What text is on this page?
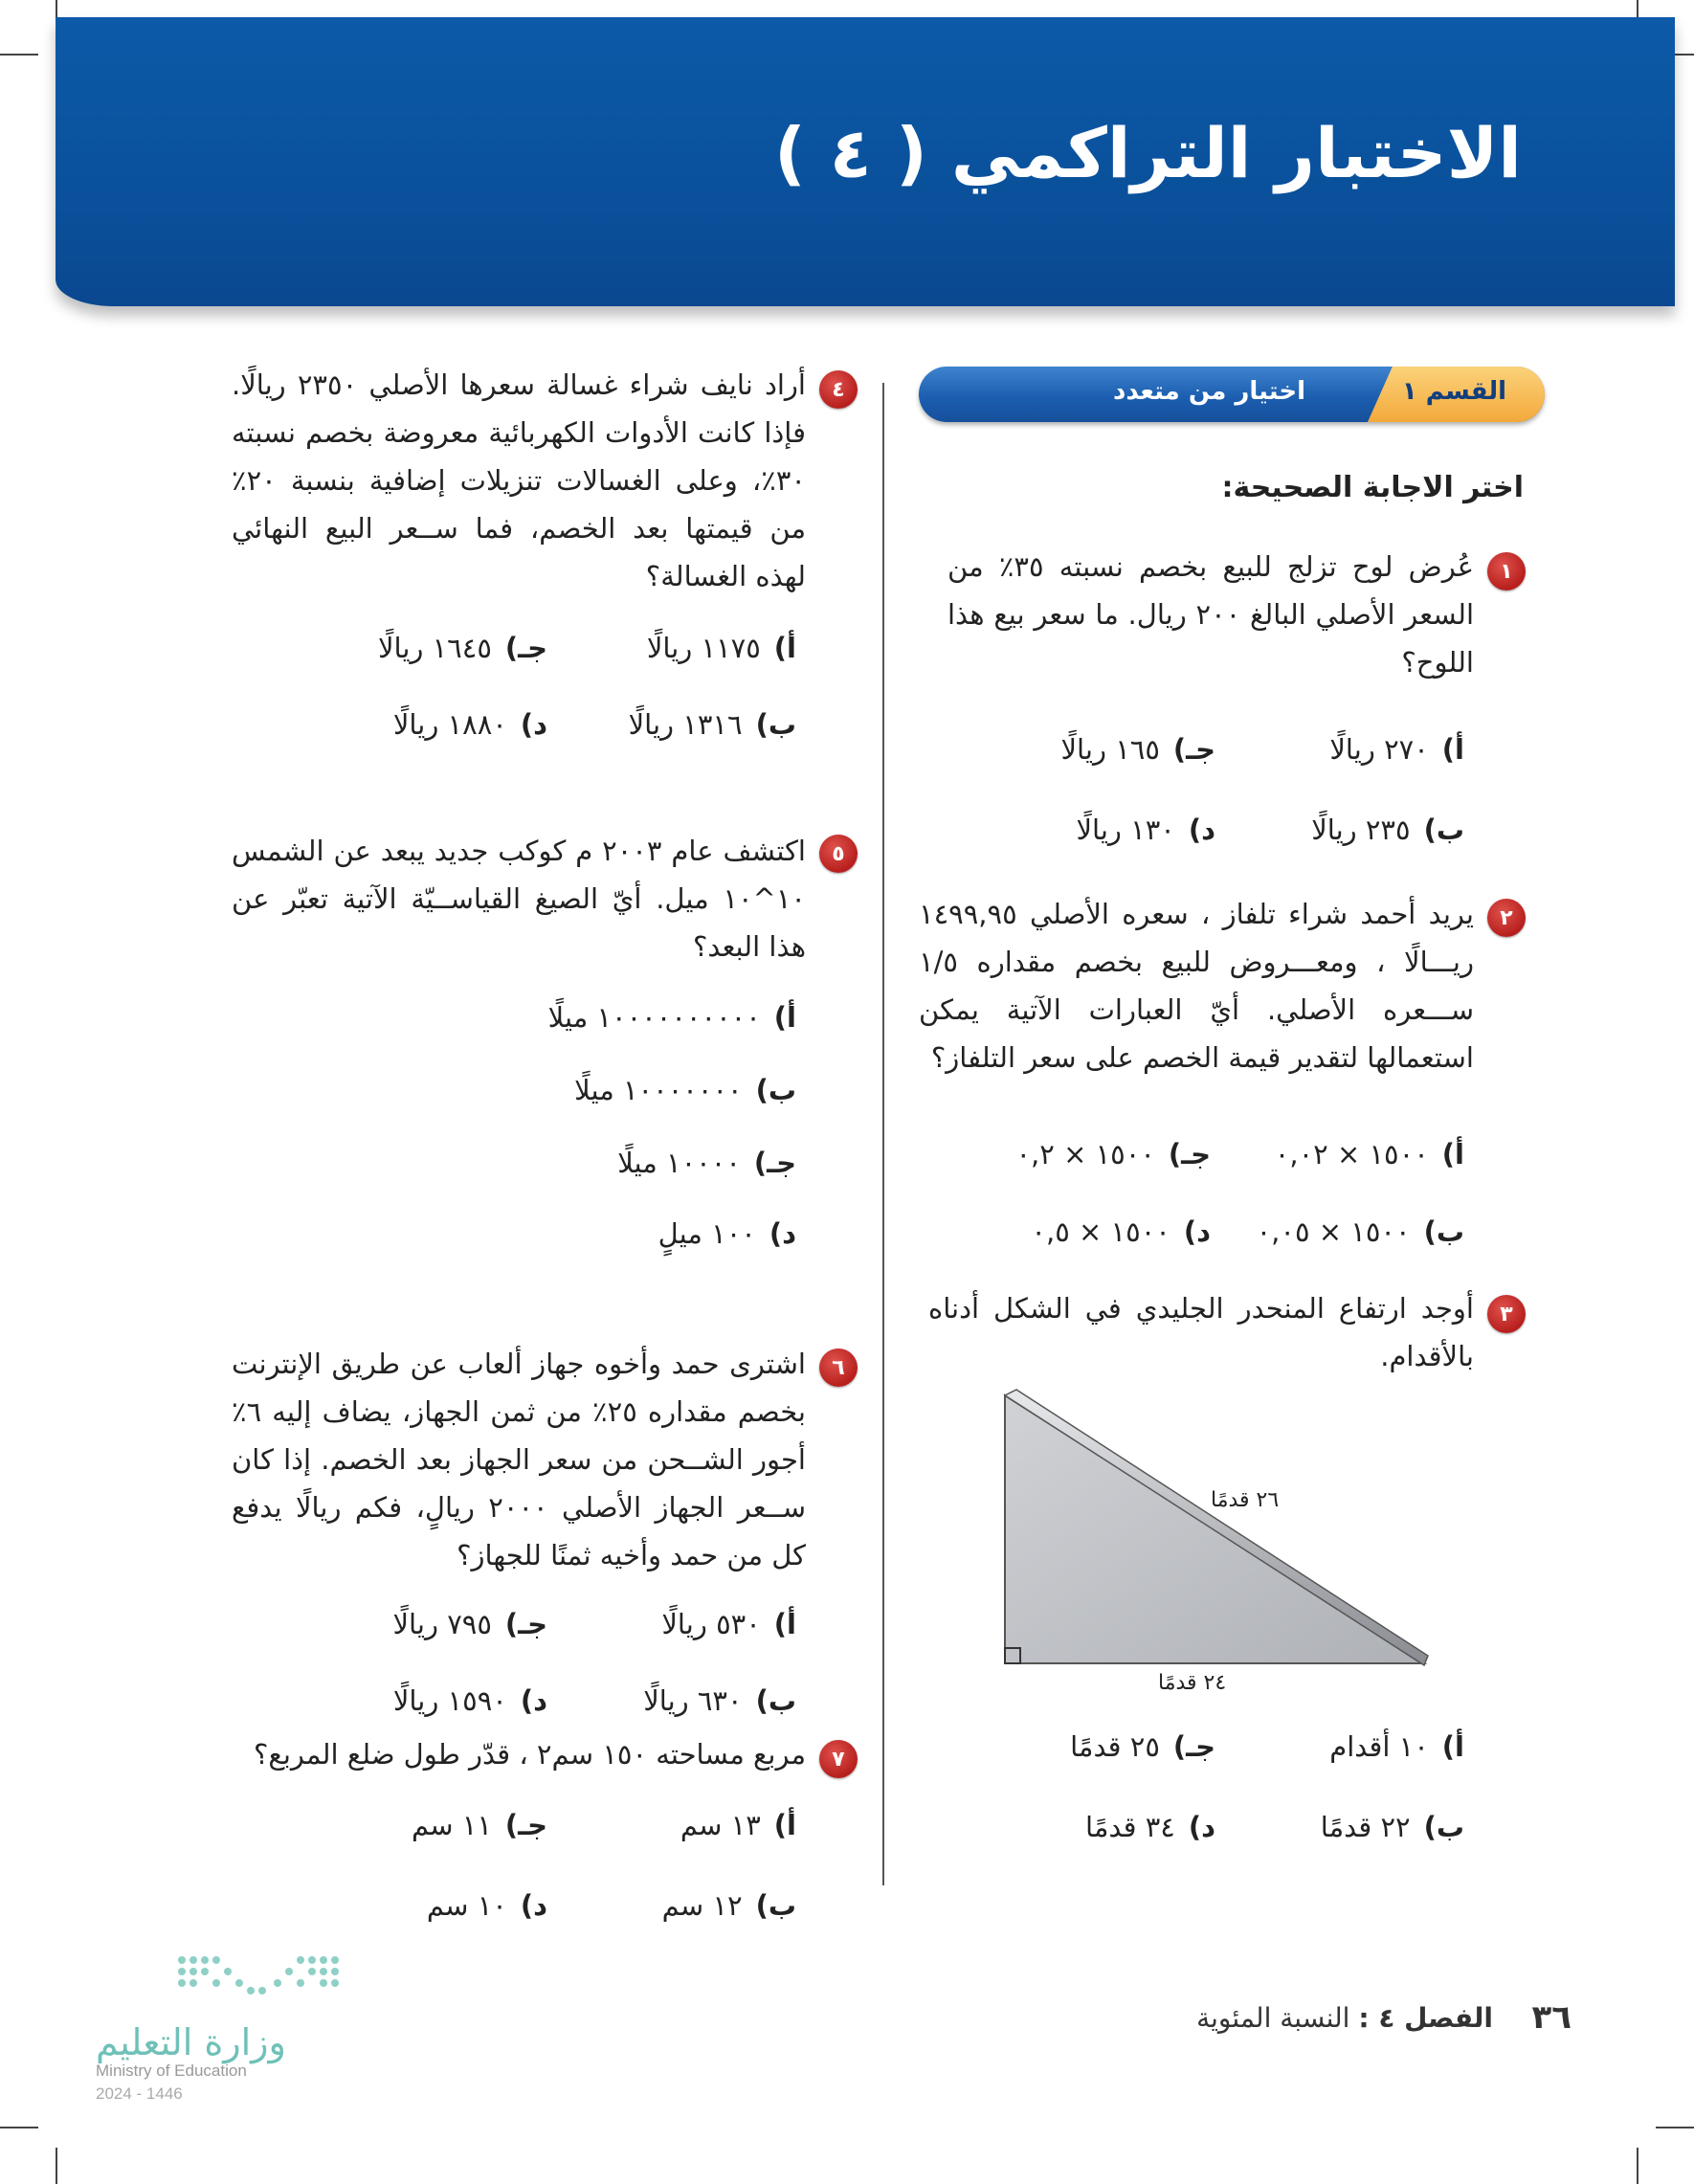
الاختبار التراكمي ( ٤ )
القسم ١
اختيار من متعدد
اختر الاجابة الصحيحة:
١
عُرض لوح تزلج للبيع بخصم نسبته ٣٥٪ من السعر الأصلي البالغ ٢٠٠ ريال. ما سعر بيع هذا اللوح؟
أ)
٢٧٠ ريالًا
ب)
٢٣٥ ريالًا
جـ)
١٦٥ ريالًا
د)
١٣٠ ريالًا
٢
يريد أحمد شراء تلفاز ، سعره الأصلي ١٤٩٩,٩٥ ريـــالًا ، ومعـــروض للبيع بخصم مقداره ١/٥ ســـعره الأصلي. أيّ العبارات الآتية يمكن استعمالها لتقدير قيمة الخصم على سعر التلفاز؟
أ)
١٥٠٠ × ٠,٠٢
ب)
١٥٠٠ × ٠,٠٥
جـ)
١٥٠٠ × ٠,٢
د)
١٥٠٠ × ٠,٥
٣
أوجد ارتفاع المنحدر الجليدي في الشكل أدناه بالأقدام.
٢٦ قدمًا
٢٤ قدمًا
أ)
١٠ أقدام
ب)
٢٢ قدمًا
جـ)
٢٥ قدمًا
د)
٣٤ قدمًا
٤
أراد نايف شراء غسالة سعرها الأصلي ٢٣٥٠ ريالًا. فإذا كانت الأدوات الكهربائية معروضة بخصم نسبته ٣٠٪، وعلى الغسالات تنزيلات إضافية بنسبة ٢٠٪ من قيمتها بعد الخصم، فما ســعر البيع النهائي لهذه الغسالة؟
أ)
١١٧٥ ريالًا
ب)
١٣١٦ ريالًا
جـ)
١٦٤٥ ريالًا
د)
١٨٨٠ ريالًا
٥
اكتشف عام ٢٠٠٣ م كوكب جديد يبعد عن الشمس ١٠^١٠ ميل. أيّ الصيغ القياســيّة الآتية تعبّر عن هذا البعد؟
أ)
١٠٠٠٠٠٠٠٠٠٠ ميلًا
ب)
١٠٠٠٠٠٠٠ ميلًا
جـ)
١٠٠٠٠ ميلًا
د)
١٠٠ ميلٍ
٦
اشترى حمد وأخوه جهاز ألعاب عن طريق الإنترنت بخصم مقداره ٢٥٪ من ثمن الجهاز، يضاف إليه ٦٪ أجور الشــحن من سعر الجهاز بعد الخصم. إذا كان ســعر الجهاز الأصلي ٢٠٠٠ ريالٍ، فكم ريالًا يدفع كل من حمد وأخيه ثمنًا للجهاز؟
أ)
٥٣٠ ريالًا
ب)
٦٣٠ ريالًا
جـ)
٧٩٥ ريالًا
د)
١٥٩٠ ريالًا
٧
مربع مساحته ١٥٠ سم٢ ، قدّر طول ضلع المربع؟
أ)
١٣ سم
ب)
١٢ سم
جـ)
١١ سم
د)
١٠ سم
٣٦
الفصل ٤ : النسبة المئوية
وزارة التعليم
Ministry of Education
2024 - 1446
